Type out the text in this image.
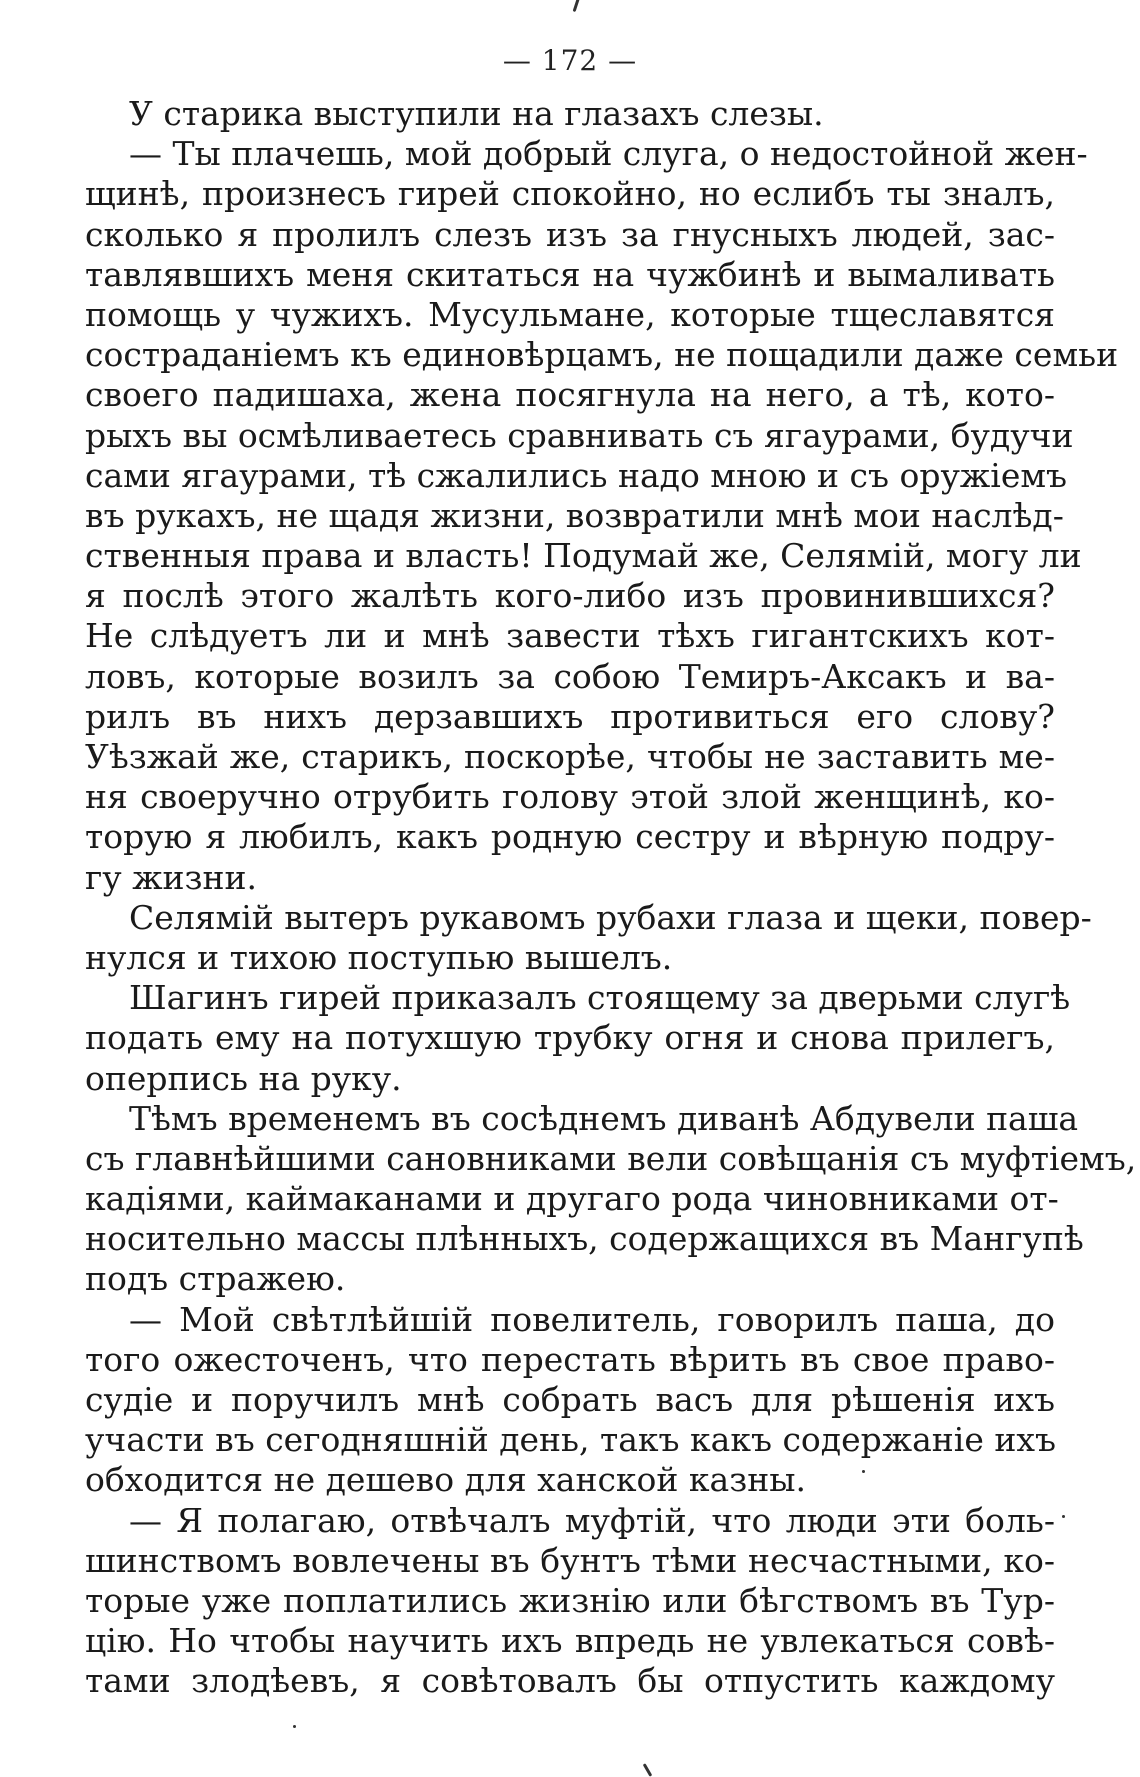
— 172 —
У старика выступили на глазахъ слезы.
— Ты плачешь, мой добрый слуга, о недостойной жен-
щинѣ, произнесъ гирей спокойно, но еслибъ ты зналъ,
сколько я пролилъ слезъ изъ за гнусныхъ людей, зас-
тавлявшихъ меня скитаться на чужбинѣ и вымаливать
помощь у чужихъ. Мусульмане, которые тщеславятся
состраданіемъ къ единовѣрцамъ, не пощадили даже семьи
своего падишаха, жена посягнула на него, а тѣ, кото-
рыхъ вы осмѣливаетесь сравнивать съ ягаурами, будучи
сами ягаурами, тѣ сжалились надо мною и съ оружіемъ
въ рукахъ, не щадя жизни, возвратили мнѣ мои наслѣд-
ственныя права и власть! Подумай же, Селямій, могу ли
я послѣ этого жалѣть кого-либо изъ провинившихся?
Не слѣдуетъ ли и мнѣ завести тѣхъ гигантскихъ кот-
ловъ, которые возилъ за собою Темиръ-Аксакъ и ва-
рилъ въ нихъ дерзавшихъ противиться его слову?
Уѣзжай же, старикъ, поскорѣе, чтобы не заставить ме-
ня своеручно отрубить голову этой злой женщинѣ, ко-
торую я любилъ, какъ родную сестру и вѣрную подру-
гу жизни.
Селямій вытеръ рукавомъ рубахи глаза и щеки, повер-
нулся и тихою поступью вышелъ.
Шагинъ гирей приказалъ стоящему за дверьми слугѣ
подать ему на потухшую трубку огня и снова прилегъ,
оперпись на руку.
Тѣмъ временемъ въ сосѣднемъ диванѣ Абдувели паша
съ главнѣйшими сановниками вели совѣщанія съ муфтіемъ,
кадіями, каймаканами и другаго рода чиновниками от-
носительно массы плѣнныхъ, содержащихся въ Мангупѣ
подъ стражею.
— Мой свѣтлѣйшій повелитель, говорилъ паша, до
того ожесточенъ, что перестать вѣрить въ свое право-
судіе и поручилъ мнѣ собрать васъ для рѣшенія ихъ
участи въ сегодняшній день, такъ какъ содержаніе ихъ
обходится не дешево для ханской казны.
— Я полагаю, отвѣчалъ муфтій, что люди эти боль-
шинствомъ вовлечены въ бунтъ тѣми несчастными, ко-
торые уже поплатились жизнію или бѣгствомъ въ Тур-
цію. Но чтобы научить ихъ впредь не увлекаться совѣ-
тами злодѣевъ, я совѣтовалъ бы отпустить каждому
